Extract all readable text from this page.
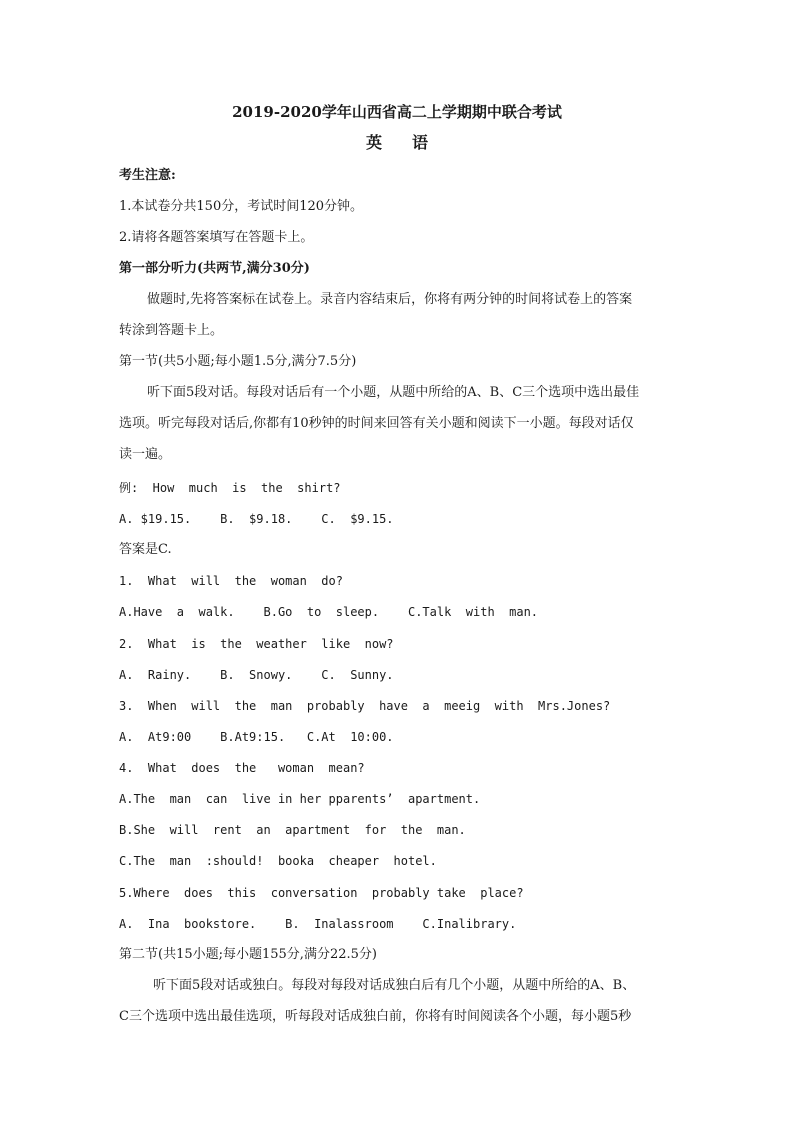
2019-2020学年山西省高二上学期期中联合考试
英语
考生注意:
1.本试卷分共150分，考试时间120分钟。
2.请将各题答案填写在答题卡上。
第一部分听力(共两节,满分30分)
做题时,先将答案标在试卷上。录音内容结束后，你将有两分钟的时间将试卷上的答案
转涂到答题卡上。
第一节(共5小题;每小题1.5分,满分7.5分)
听下面5段对话。每段对话后有一个小题，从题中所给的A、B、C三个选项中选出最佳
选项。听完每段对话后,你都有10秒钟的时间来回答有关小题和阅读下一小题。每段对话仅
读一遍。
例:  How  much  is  the  shirt?
A. $19.15.    B.  $9.18.    C.  $9.15.
答案是C.
1.  What  will  the  woman  do?
A.Have  a  walk.    B.Go  to  sleep.    C.Talk  with  man.
2.  What  is  the  weather  like  now?
A.  Rainy.    B.  Snowy.    C.  Sunny.
3.  When  will  the  man  probably  have  a  meeig  with  Mrs.Jones?
A.  At9:00    B.At9:15.   C.At  10:00.
4.  What  does  the   woman  mean?
A.The  man  can  live in her pparents’  apartment.
B.She  will  rent  an  apartment  for  the  man.
C.The  man  :should!  booka  cheaper  hotel.
5.Where  does  this  conversation  probably take  place?
A.  Ina  bookstore.    B.  Inalassroom    C.Inalibrary.
第二节(共15小题;每小题155分,满分22.5分)
听下面5段对话或独白。每段对每段对话成独白后有几个小题，从题中所给的A、B、
C三个选项中选出最佳选项，听每段对话成独白前，你将有时间阅读各个小题，每小题5秒
